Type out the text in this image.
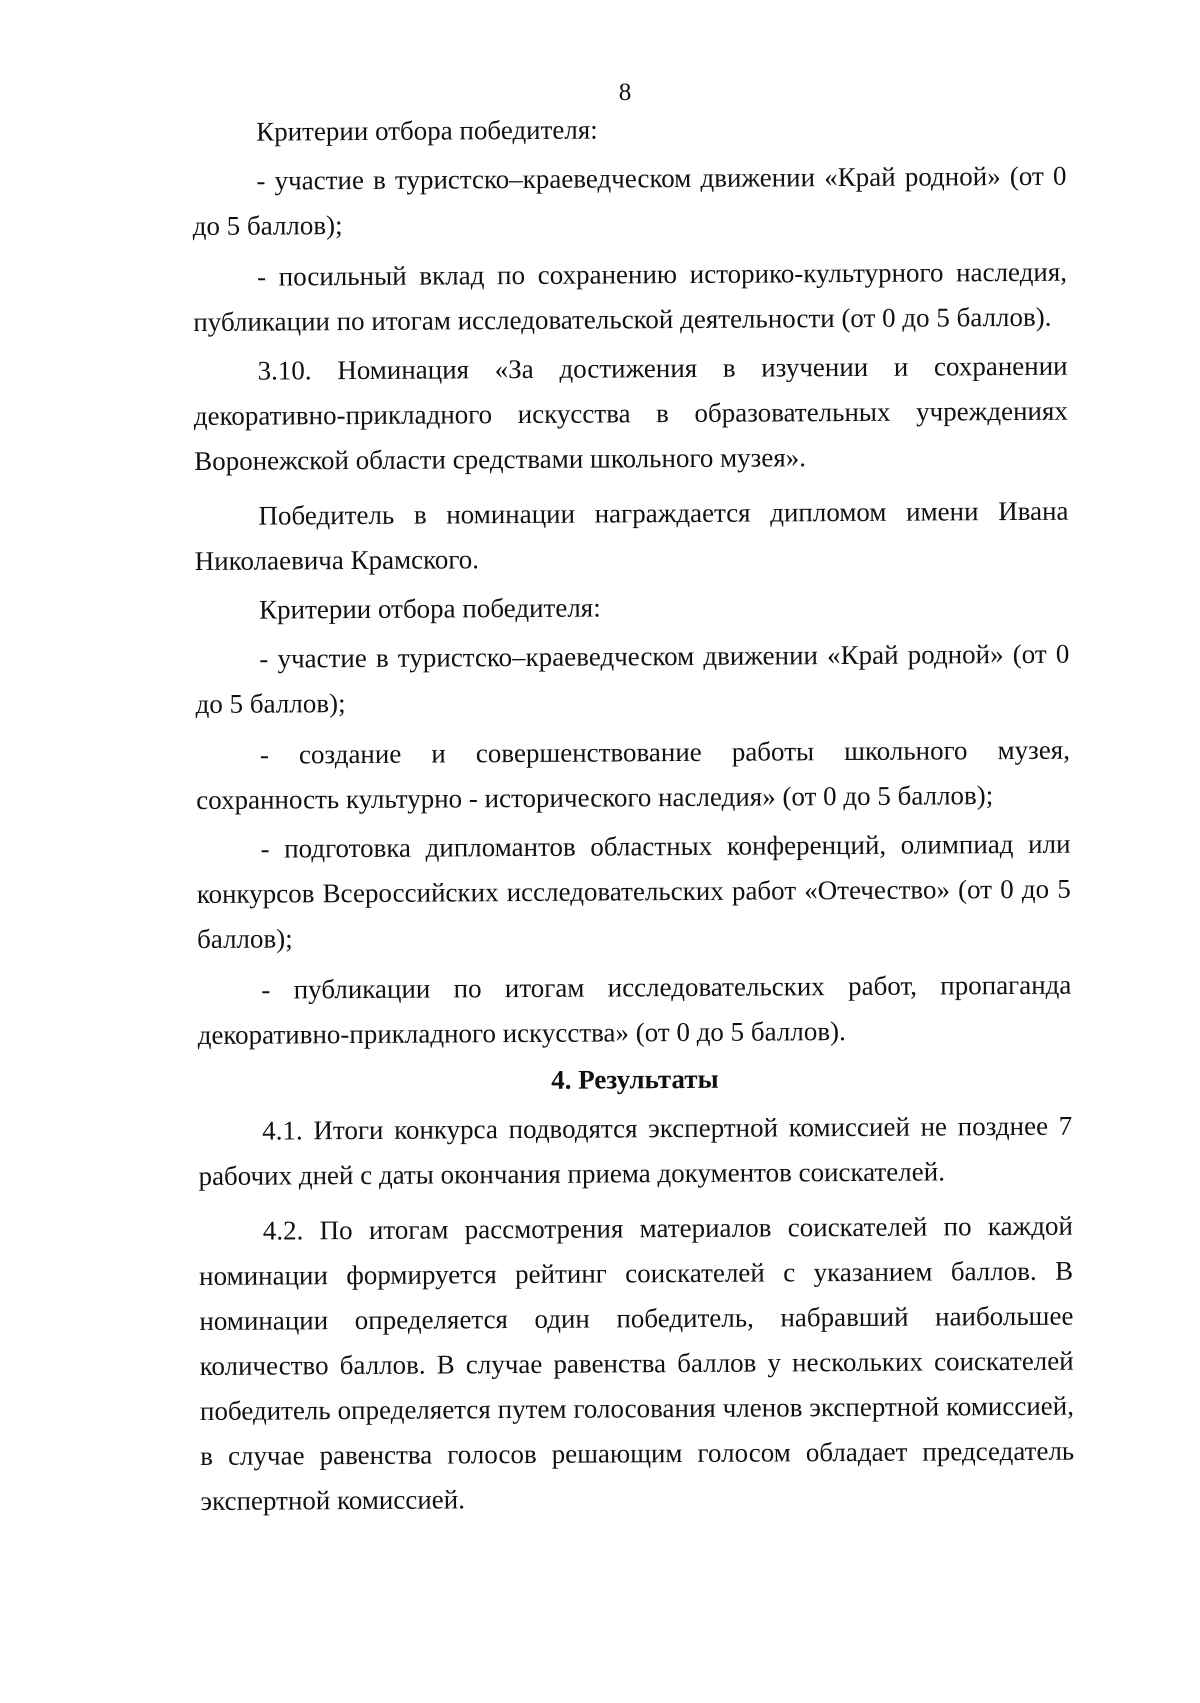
8

Критерии отбора победителя:

- участие в туристско–краеведческом движении «Край родной» (от 0 до 5 баллов);

- посильный вклад по сохранению историко-культурного наследия, публикации по итогам исследовательской деятельности (от 0 до 5 баллов).

3.10. Номинация «За достижения в изучении и сохранении декоративно-прикладного искусства в образовательных учреждениях Воронежской области средствами школьного музея».

Победитель в номинации награждается дипломом имени Ивана Николаевича Крамского.

Критерии отбора победителя:

- участие в туристско–краеведческом движении «Край родной» (от 0 до 5 баллов);

- создание и совершенствование работы школьного музея, сохранность культурно - исторического наследия» (от 0 до 5 баллов);

- подготовка дипломантов областных конференций, олимпиад или конкурсов Всероссийских исследовательских работ «Отечество» (от 0 до 5 баллов);

- публикации по итогам исследовательских работ, пропаганда декоративно-прикладного искусства» (от 0 до 5 баллов).

4. Результаты

4.1. Итоги конкурса подводятся экспертной комиссией не позднее 7 рабочих дней с даты окончания приема документов соискателей.

4.2. По итогам рассмотрения материалов соискателей по каждой номинации формируется рейтинг соискателей с указанием баллов. В номинации определяется один победитель, набравший наибольшее количество баллов. В случае равенства баллов у нескольких соискателей победитель определяется путем голосования членов экспертной комиссией, в случае равенства голосов решающим голосом обладает председатель экспертной комиссией.
